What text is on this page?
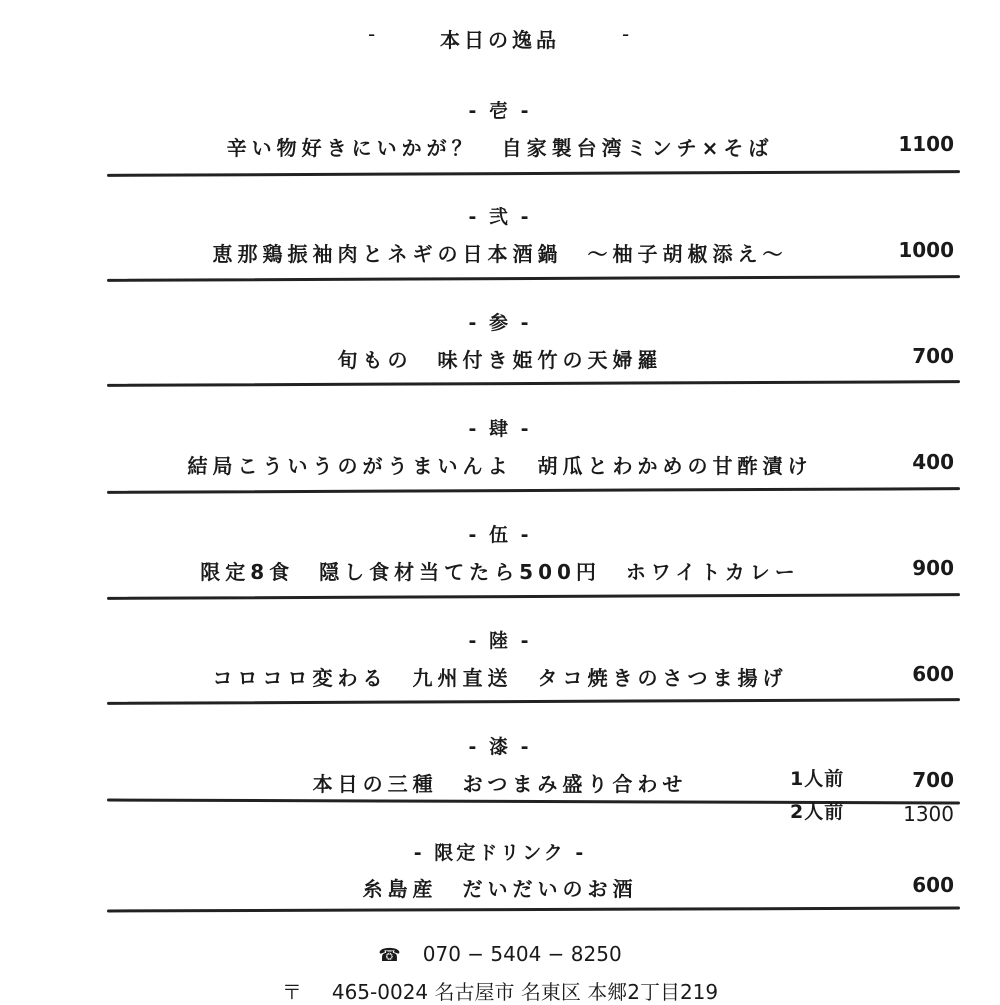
-	本日の逸品	-
- 壱 -
辛い物好きにいかが？　自家製台湾ミンチ×そば	1100
- 弐 -
恵那鶏振袖肉とネギの日本酒鍋　～柚子胡椒添え～	1000
- 参 -
旬もの　味付き姫竹の天婦羅	700
- 肆 -
結局こういうのがうまいんよ　胡瓜とわかめの甘酢漬け	400
- 伍 -
限定8食　隠し食材当てたら500円　ホワイトカレー	900
- 陸 -
コロコロ変わる　九州直送　タコ焼きのさつま揚げ	600
- 漆 -
本日の三種　おつまみ盛り合わせ	1人前	700
2人前	1300
- 限定ドリンク -
糸島産　だいだいのお酒	600
☎ 070 − 5404 − 8250
〒 465-0024 名古屋市 名東区 本郷2丁目219
